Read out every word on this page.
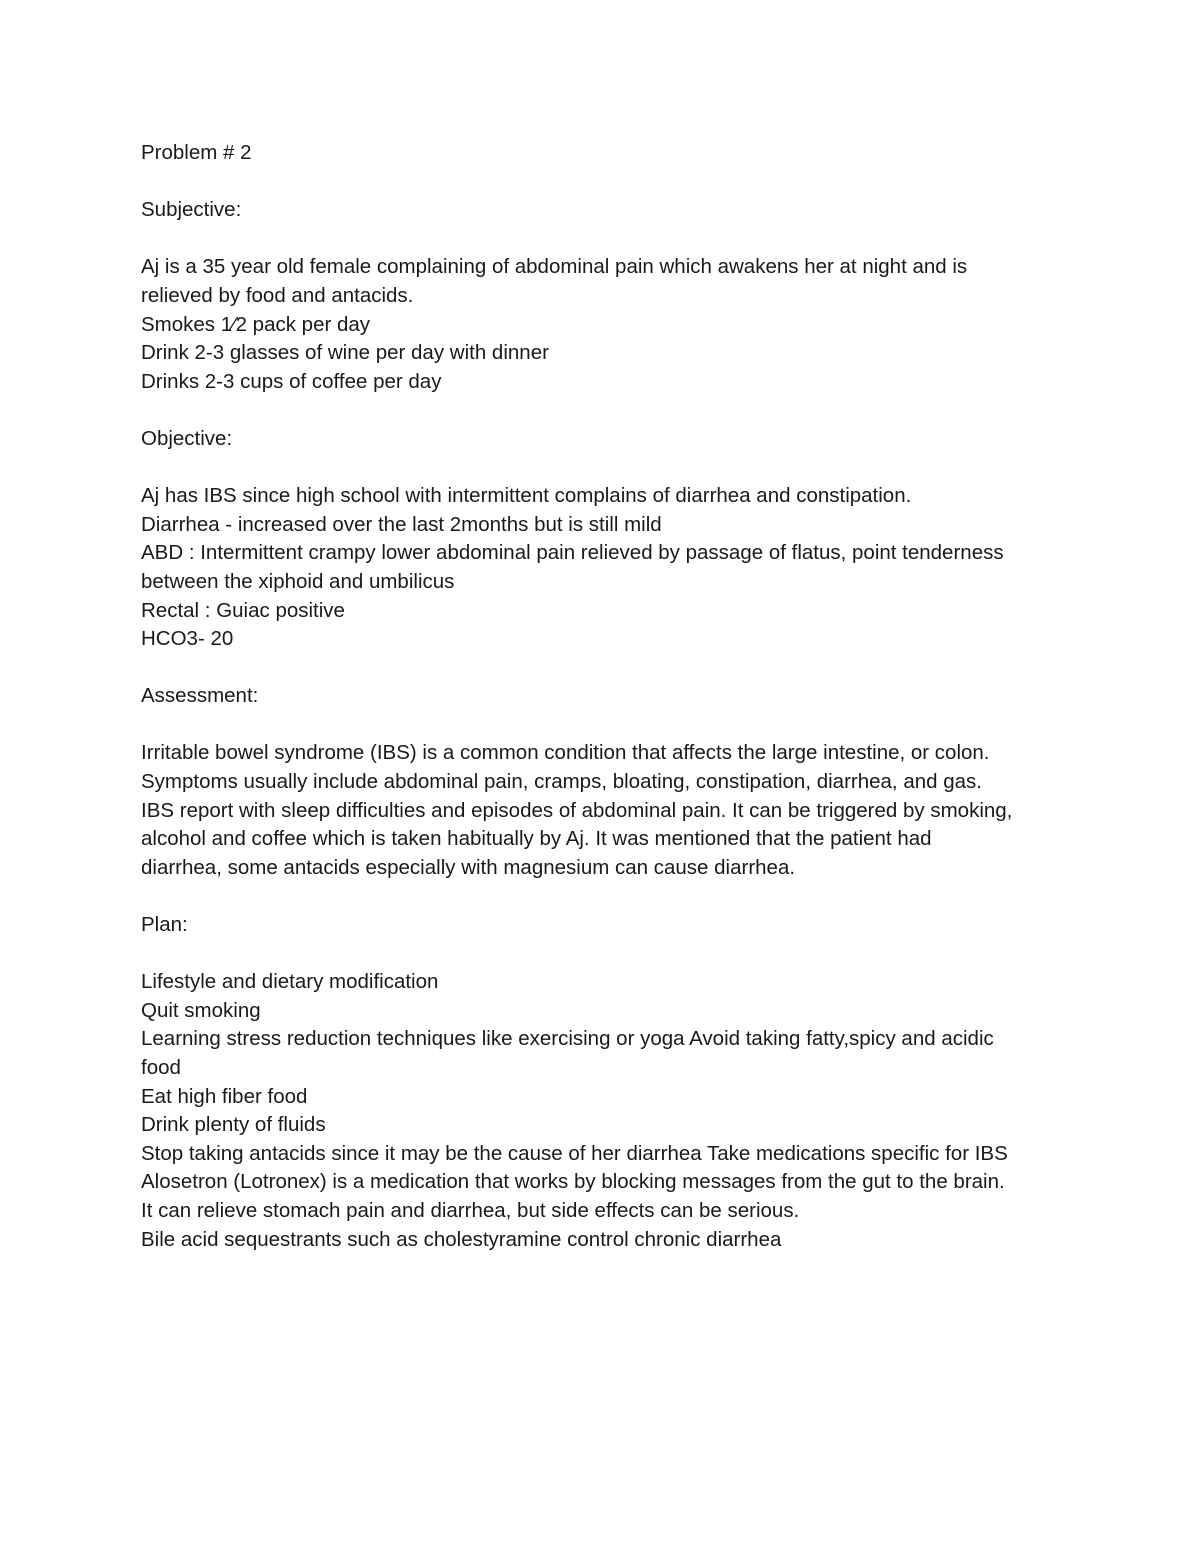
Problem # 2

Subjective:

Aj is a 35 year old female complaining of abdominal pain which awakens her at night and is

relieved by food and antacids.

Smokes 1⁄2 pack per day

Drink 2-3 glasses of wine per day with dinner

Drinks 2-3 cups of coffee per day

Objective:

Aj has IBS since high school with intermittent complains of diarrhea and constipation.

Diarrhea - increased over the last 2months but is still mild

ABD : Intermittent crampy lower abdominal pain relieved by passage of flatus, point tenderness

between the xiphoid and umbilicus

Rectal : Guiac positive

HCO3- 20

Assessment:

Irritable bowel syndrome (IBS) is a common condition that affects the large intestine, or colon.

Symptoms usually include abdominal pain, cramps, bloating, constipation, diarrhea, and gas.

IBS report with sleep difficulties and episodes of abdominal pain. It can be triggered by smoking,

alcohol and coffee which is taken habitually by Aj. It was mentioned that the patient had

diarrhea, some antacids especially with magnesium can cause diarrhea.

Plan:

Lifestyle and dietary modification

Quit smoking

Learning stress reduction techniques like exercising or yoga Avoid taking fatty,spicy and acidic

food

Eat high fiber food

Drink plenty of fluids

Stop taking antacids since it may be the cause of her diarrhea Take medications specific for IBS

Alosetron (Lotronex) is a medication that works by blocking messages from the gut to the brain.

It can relieve stomach pain and diarrhea, but side effects can be serious.

Bile acid sequestrants such as cholestyramine control chronic diarrhea
